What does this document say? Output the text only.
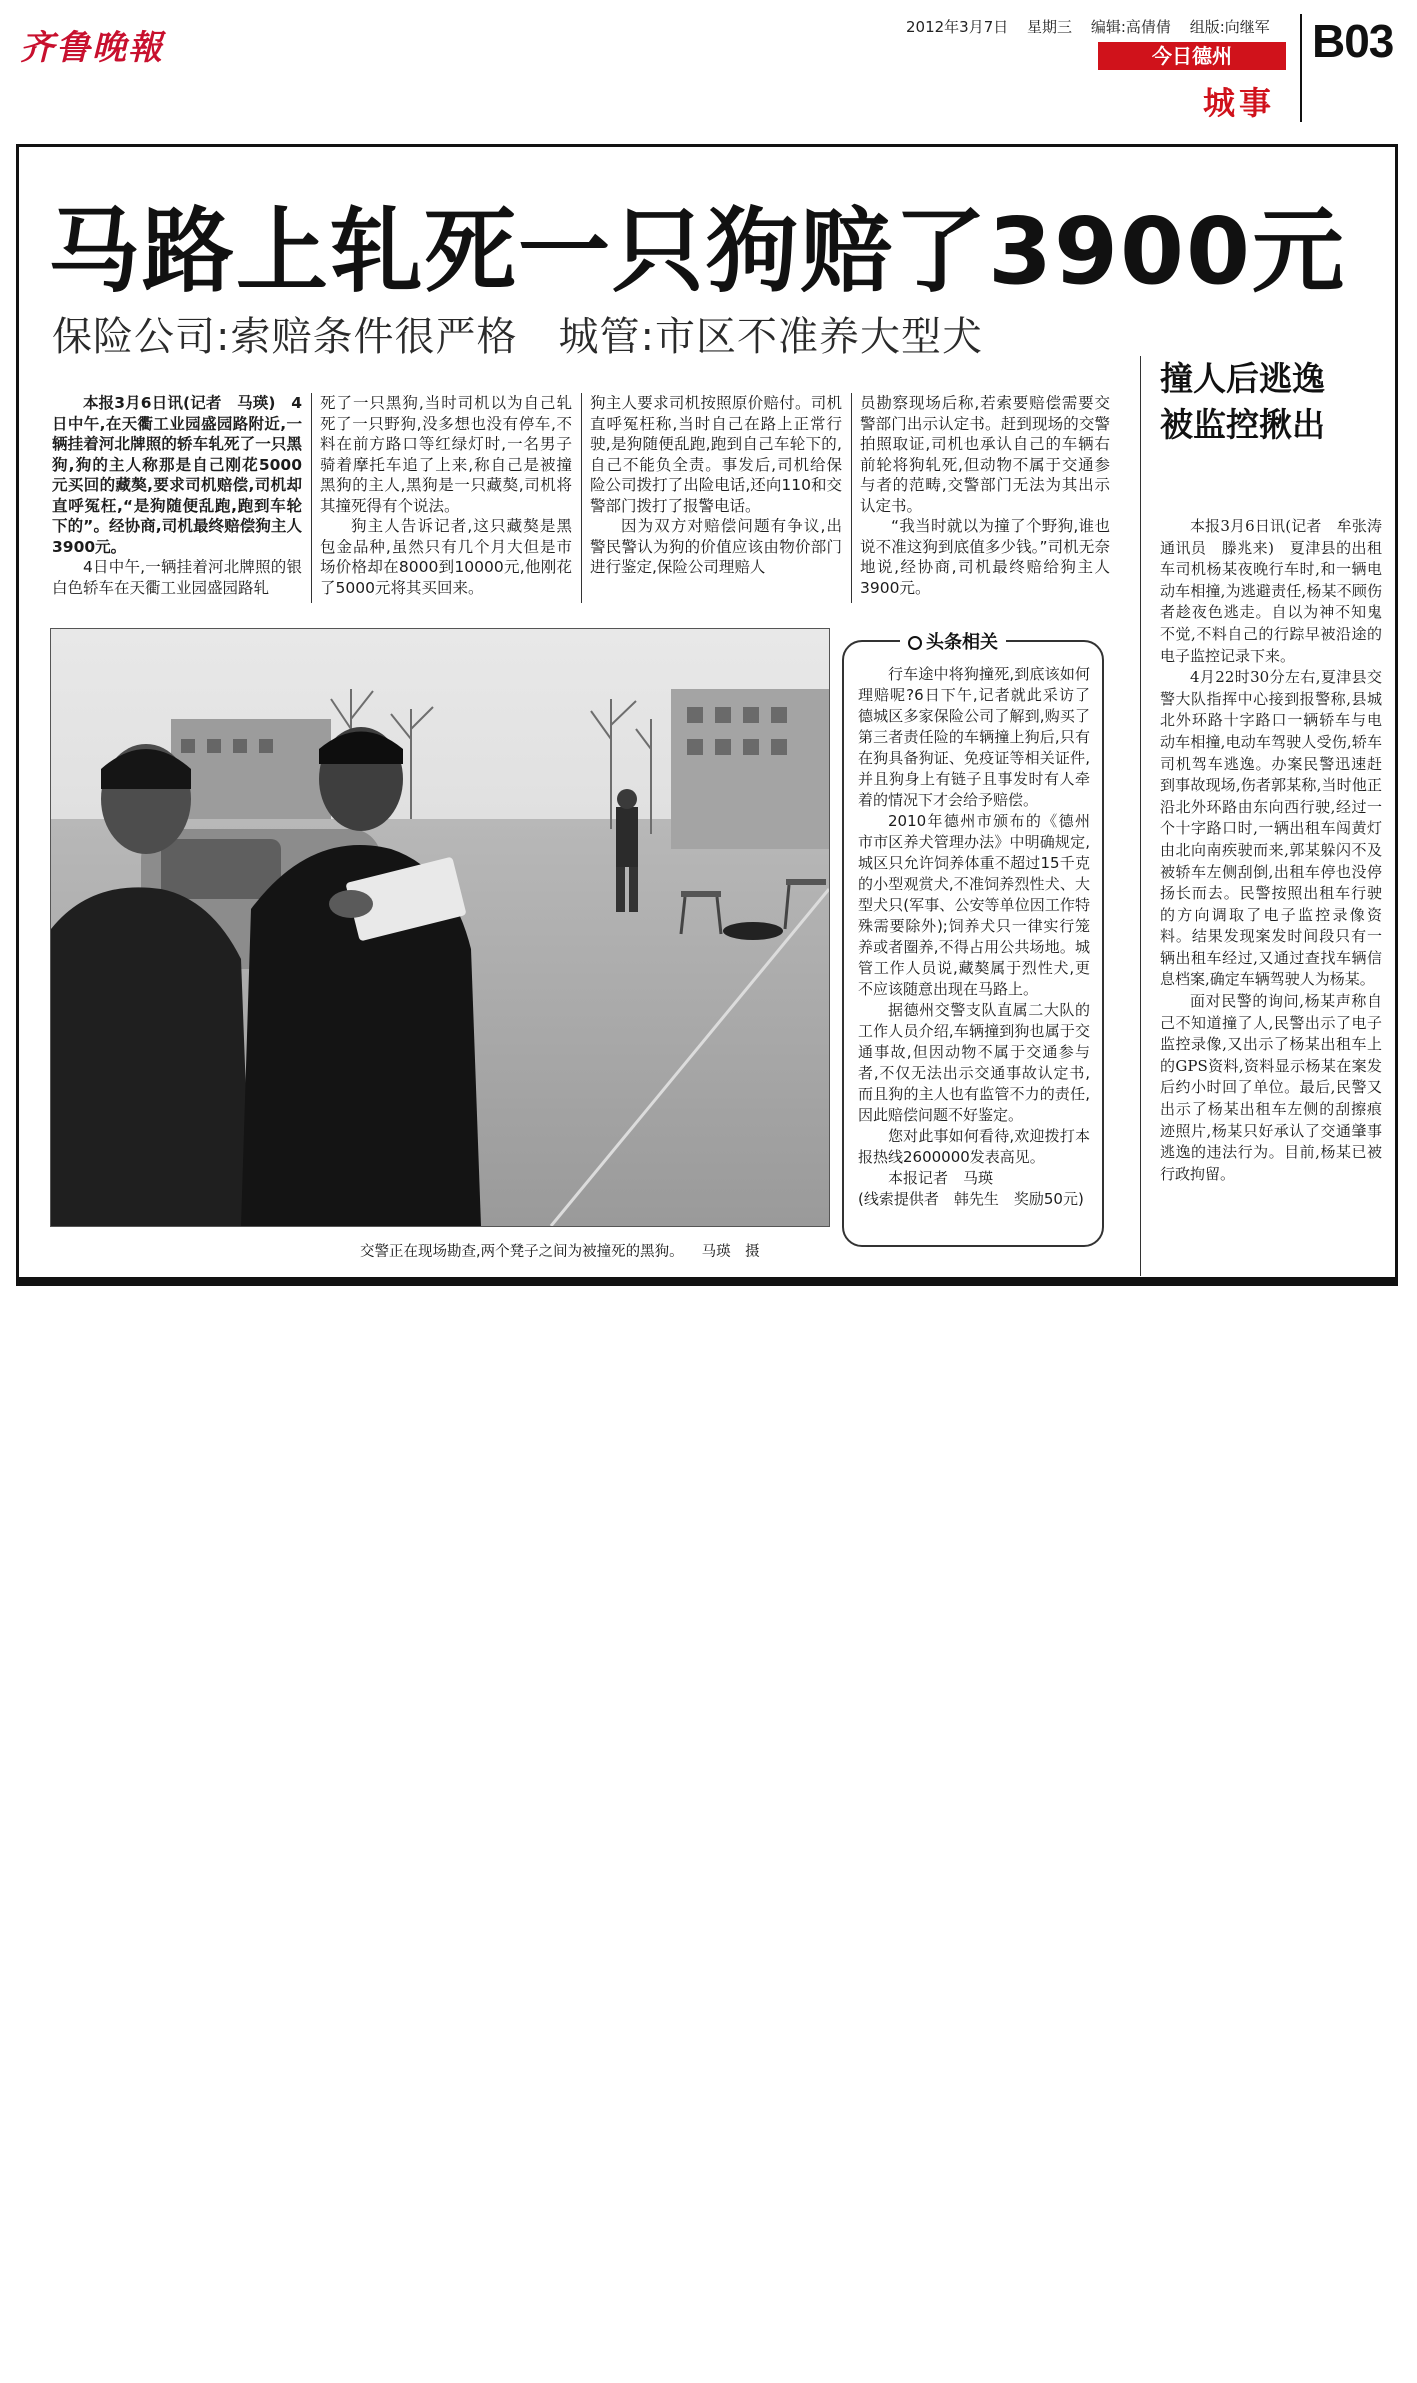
齐鲁晚報
2012年3月7日 星期三 编辑:高倩倩 组版:向继军
今日德州
城事
B03
马路上轧死一只狗赔了3900元
保险公司:索赔条件很严格　城管:市区不准养大型犬

本报3月6日讯(记者　马瑛)　4日中午,在天衢工业园盛园路附近,一辆挂着河北牌照的轿车轧死了一只黑狗,狗的主人称那是自己刚花5000元买回的藏獒,要求司机赔偿,司机却直呼冤枉,“是狗随便乱跑,跑到车轮下的”。经协商,司机最终赔偿狗主人3900元。

4日中午,一辆挂着河北牌照的银白色轿车在天衢工业园盛园路轧

死了一只黑狗,当时司机以为自己轧死了一只野狗,没多想也没有停车,不料在前方路口等红绿灯时,一名男子骑着摩托车追了上来,称自己是被撞黑狗的主人,黑狗是一只藏獒,司机将其撞死得有个说法。

狗主人告诉记者,这只藏獒是黑包金品种,虽然只有几个月大但是市场价格却在8000到10000元,他刚花了5000元将其买回来。

狗主人要求司机按照原价赔付。司机直呼冤枉称,当时自己在路上正常行驶,是狗随便乱跑,跑到自己车轮下的,自己不能负全责。事发后,司机给保险公司拨打了出险电话,还向110和交警部门拨打了报警电话。

因为双方对赔偿问题有争议,出警民警认为狗的价值应该由物价部门进行鉴定,保险公司理赔人

员勘察现场后称,若索要赔偿需要交警部门出示认定书。赶到现场的交警拍照取证,司机也承认自己的车辆右前轮将狗轧死,但动物不属于交通参与者的范畴,交警部门无法为其出示认定书。

“我当时就以为撞了个野狗,谁也说不准这狗到底值多少钱。”司机无奈地说,经协商,司机最终赔给狗主人3900元。

交警正在现场勘查,两个凳子之间为被撞死的黑狗。 马瑛　摄
头条相关

行车途中将狗撞死,到底该如何理赔呢?6日下午,记者就此采访了德城区多家保险公司了解到,购买了第三者责任险的车辆撞上狗后,只有在狗具备狗证、免疫证等相关证件,并且狗身上有链子且事发时有人牵着的情况下才会给予赔偿。

2010年德州市颁布的《德州市市区养犬管理办法》中明确规定,城区只允许饲养体重不超过15千克的小型观赏犬,不准饲养烈性犬、大型犬只(军事、公安等单位因工作特殊需要除外);饲养犬只一律实行笼养或者圈养,不得占用公共场地。城管工作人员说,藏獒属于烈性犬,更不应该随意出现在马路上。

据德州交警支队直属二大队的工作人员介绍,车辆撞到狗也属于交通事故,但因动物不属于交通参与者,不仅无法出示交通事故认定书,而且狗的主人也有监管不力的责任,因此赔偿问题不好鉴定。

您对此事如何看待,欢迎拨打本报热线2600000发表高见。

本报记者　马瑛

(线索提供者　韩先生　奖励50元)

撞人后逃逸
被监控揪出

本报3月6日讯(记者　牟张涛　通讯员　滕兆来)　夏津县的出租车司机杨某夜晚行车时,和一辆电动车相撞,为逃避责任,杨某不顾伤者趁夜色逃走。自以为神不知鬼不觉,不料自己的行踪早被沿途的电子监控记录下来。

4月22时30分左右,夏津县交警大队指挥中心接到报警称,县城北外环路十字路口一辆轿车与电动车相撞,电动车驾驶人受伤,轿车司机驾车逃逸。办案民警迅速赶到事故现场,伤者郭某称,当时他正沿北外环路由东向西行驶,经过一个十字路口时,一辆出租车闯黄灯由北向南疾驶而来,郭某躲闪不及被轿车左侧刮倒,出租车停也没停扬长而去。民警按照出租车行驶的方向调取了电子监控录像资料。结果发现案发时间段只有一辆出租车经过,又通过查找车辆信息档案,确定车辆驾驶人为杨某。

面对民警的询问,杨某声称自己不知道撞了人,民警出示了电子监控录像,又出示了杨某出租车上的GPS资料,资料显示杨某在案发后约小时回了单位。最后,民警又出示了杨某出租车左侧的刮擦痕迹照片,杨某只好承认了交通肇事逃逸的违法行为。目前,杨某已被行政拘留。
